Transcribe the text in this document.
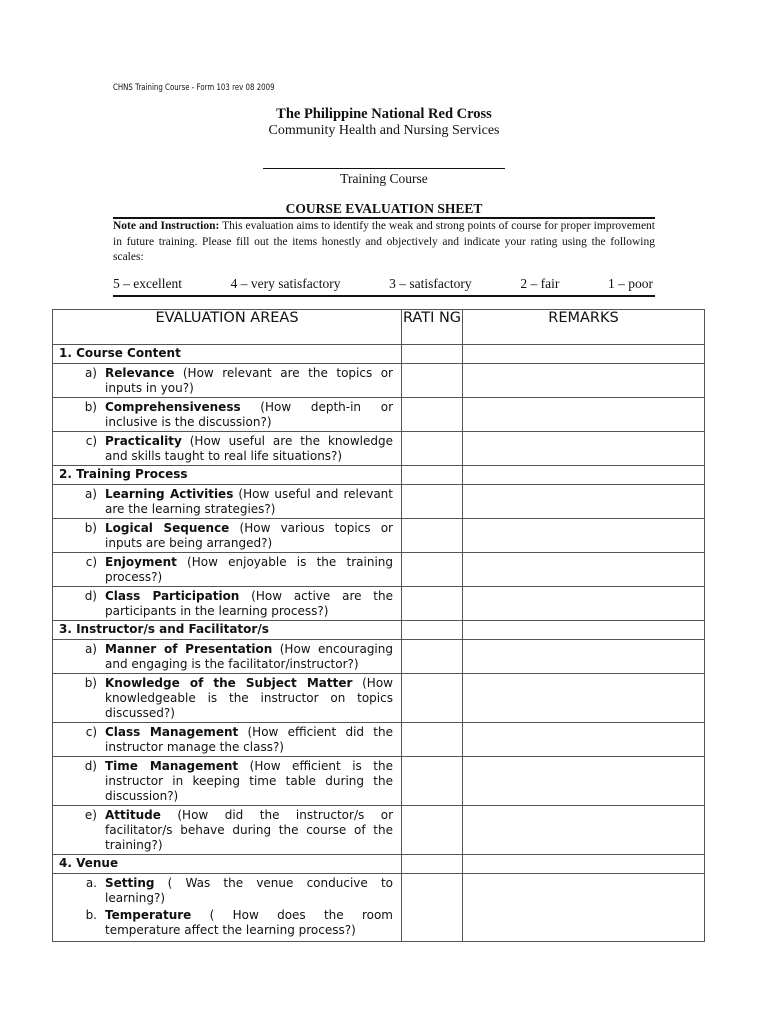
CHNS Training Course - Form 103 rev 08 2009
The Philippine National Red Cross
Community Health and Nursing Services
Training Course
COURSE EVALUATION SHEET
Note and Instruction: This evaluation aims to identify the weak and strong points of course for proper improvement in future training. Please fill out the items honestly and objectively and indicate your rating using the following scales:
5 – excellent	4 – very satisfactory	3 – satisfactory	2 – fair	1 – poor
EVALUATION AREAS	RATI NG	REMARKS
1. Course Content		

a) Relevance (How relevant are the topics or inputs in you?)		

b) Comprehensiveness (How depth-in or inclusive is the discussion?)		

c) Practicality (How useful are the knowledge and skills taught to real life situations?)		

2. Training Process		

a) Learning Activities (How useful and relevant are the learning strategies?)		

b) Logical Sequence (How various topics or inputs are being arranged?)		

c) Enjoyment (How enjoyable is the training process?)		

d) Class Participation (How active are the participants in the learning process?)		

3. Instructor/s and Facilitator/s		

a) Manner of Presentation (How encouraging and engaging is the facilitator/instructor?)		

b) Knowledge of the Subject Matter (How knowledgeable is the instructor on topics discussed?)		

c) Class Management (How efficient did the instructor manage the class?)		

d) Time Management (How efficient is the instructor in keeping time table during the discussion?)		

e) Attitude (How did the instructor/s or facilitator/s behave during the course of the training?)		

4. Venue		

a. Setting ( Was the venue conducive to learning?)
b. Temperature ( How does the room temperature affect the learning process?)		
